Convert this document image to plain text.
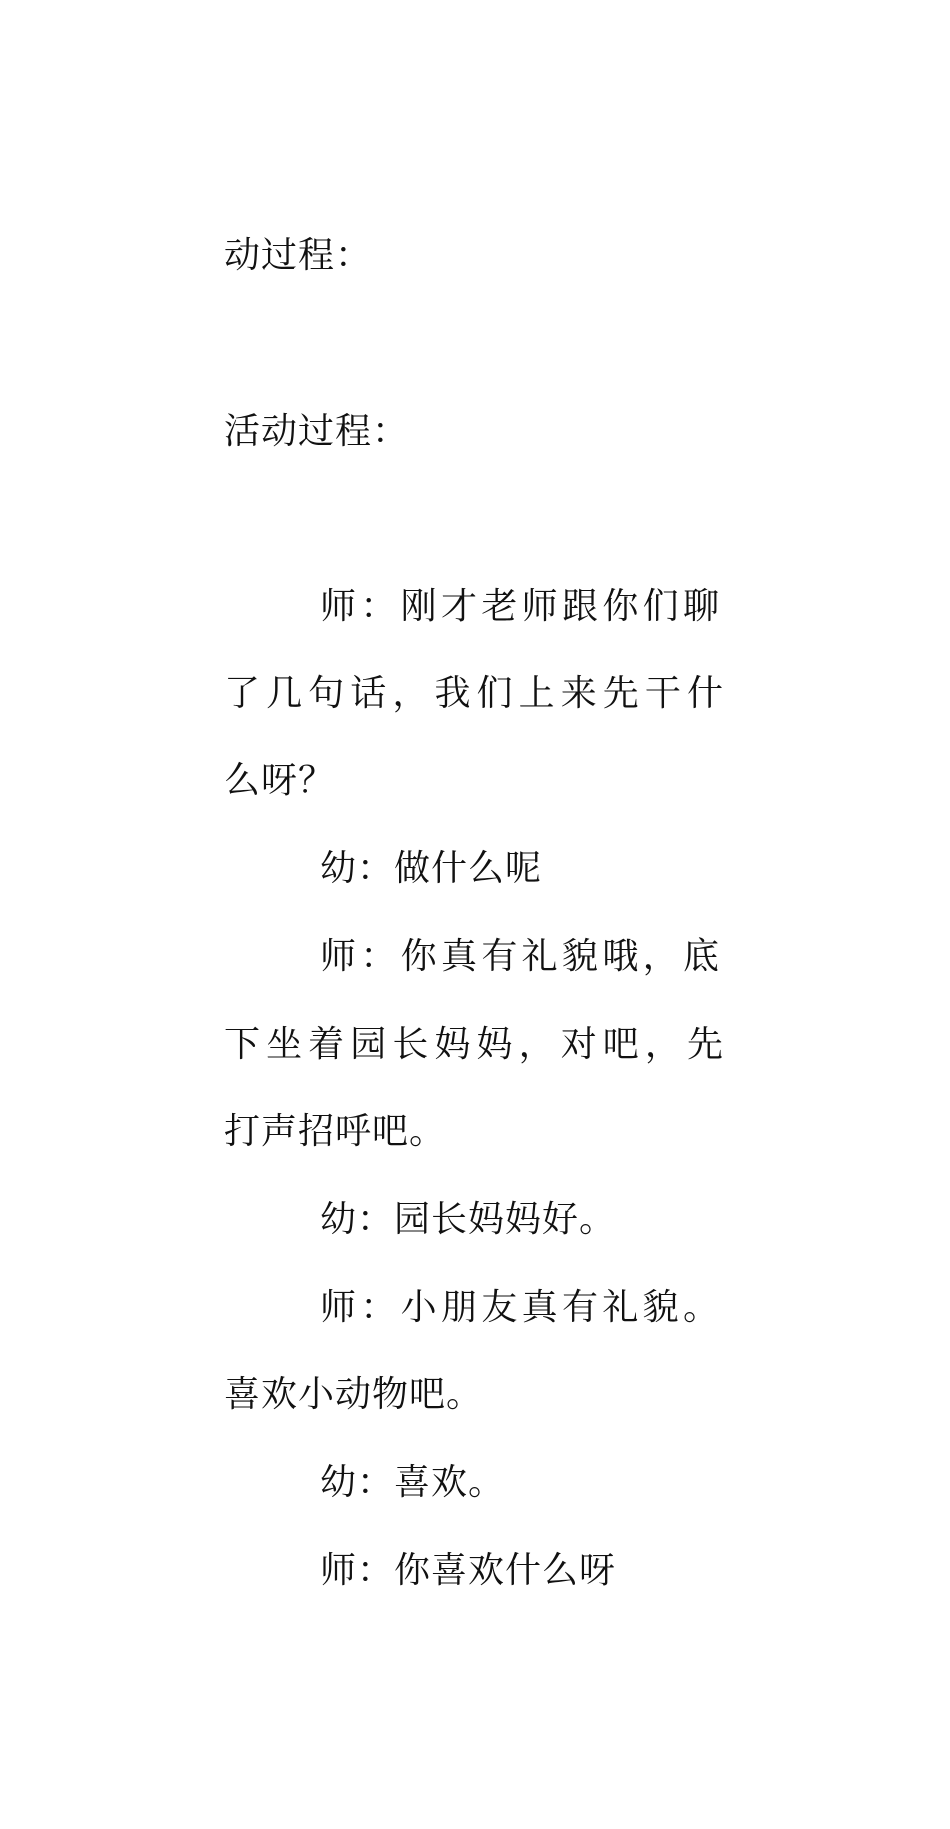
动过程：
活动过程：
师：刚才老师跟你们聊
了几句话，我们上来先干什
么呀？
幼：做什么呢
师：你真有礼貌哦，底
下坐着园长妈妈，对吧，先
打声招呼吧。
幼：园长妈妈好。
师：小朋友真有礼貌。
喜欢小动物吧。
幼：喜欢。
师：你喜欢什么呀
